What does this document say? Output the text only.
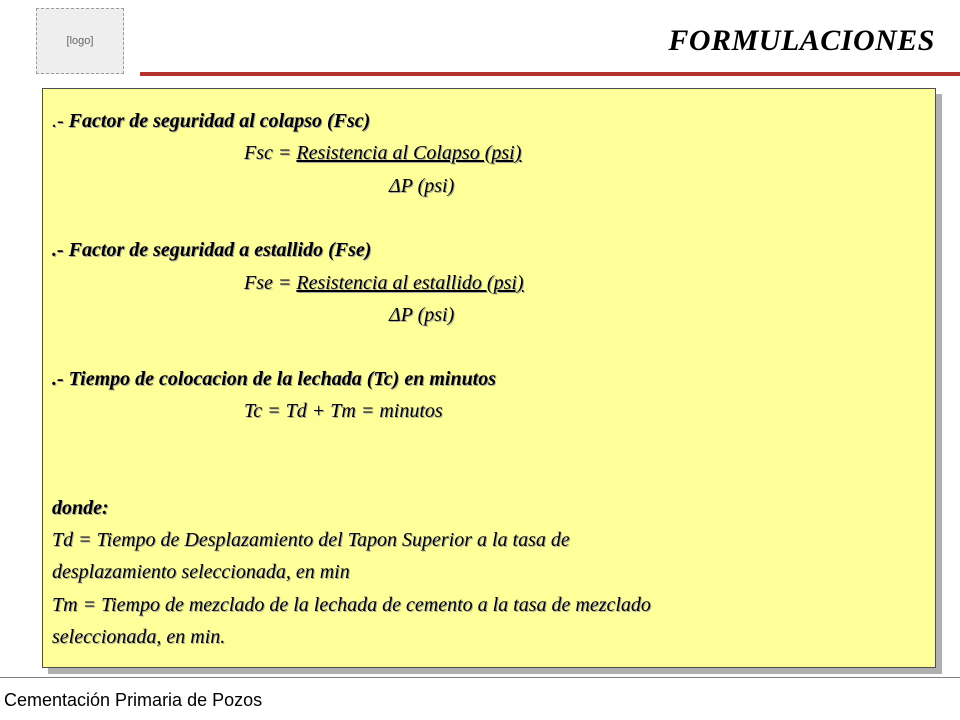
[logo]	FORMULACIONES
.- Factor de seguridad al colapso (Fsc)
Fsc = Resistencia al Colapso (psi)
ΔP (psi)
.- Factor de seguridad a estallido (Fse)
Fse = Resistencia al estallido (psi)
ΔP (psi)
.- Tiempo de colocacion de la lechada (Tc) en minutos
Tc = Td + Tm = minutos
donde:
Td = Tiempo de Desplazamiento del Tapon Superior a la tasa de
desplazamiento seleccionada, en min
Tm = Tiempo de mezclado de la lechada de cemento a la tasa de mezclado
seleccionada, en min.
Cementación Primaria de Pozos
